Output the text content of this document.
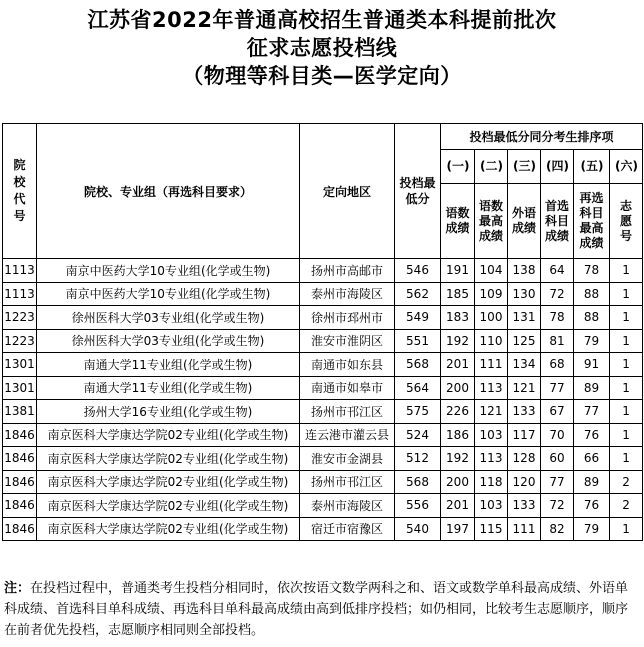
江苏省2022年普通高校招生普通类本科提前批次
征求志愿投档线
（物理等科目类—医学定向）
院校代号	院校、专业组（再选科目要求）	定向地区	投档最低分	投档最低分同分考生排序项					

				(一)	(二)	(三)	(四)	(五)	(六)

				语数成绩	语数最高成绩	外语成绩	首选科目成绩	再选科目最高成绩	志愿号

1113	南京中医药大学10专业组(化学或生物)	扬州市高邮市	546	191	104	138	64	78	1
1113	南京中医药大学10专业组(化学或生物)	泰州市海陵区	562	185	109	130	72	88	1
1223	徐州医科大学03专业组(化学或生物)	徐州市邳州市	549	183	100	131	78	88	1
1223	徐州医科大学03专业组(化学或生物)	淮安市淮阴区	551	192	110	125	81	79	1
1301	南通大学11专业组(化学或生物)	南通市如东县	568	201	111	134	68	91	1
1301	南通大学11专业组(化学或生物)	南通市如皋市	564	200	113	121	77	89	1
1381	扬州大学16专业组(化学或生物)	扬州市邗江区	575	226	121	133	67	77	1
1846	南京医科大学康达学院02专业组(化学或生物)	连云港市灌云县	524	186	103	117	70	76	1
1846	南京医科大学康达学院02专业组(化学或生物)	淮安市金湖县	512	192	113	128	60	66	1
1846	南京医科大学康达学院02专业组(化学或生物)	扬州市邗江区	568	200	118	120	77	89	2
1846	南京医科大学康达学院02专业组(化学或生物)	泰州市海陵区	556	201	103	133	72	76	2
1846	南京医科大学康达学院02专业组(化学或生物)	宿迁市宿豫区	540	197	115	111	82	79	1
注：在投档过程中，普通类考生投档分相同时，依次按语文数学两科之和、语文或数学单科最高成绩、外语单科成绩、首选科目单科成绩、再选科目单科最高成绩由高到低排序投档；如仍相同，比较考生志愿顺序，顺序在前者优先投档，志愿顺序相同则全部投档。
